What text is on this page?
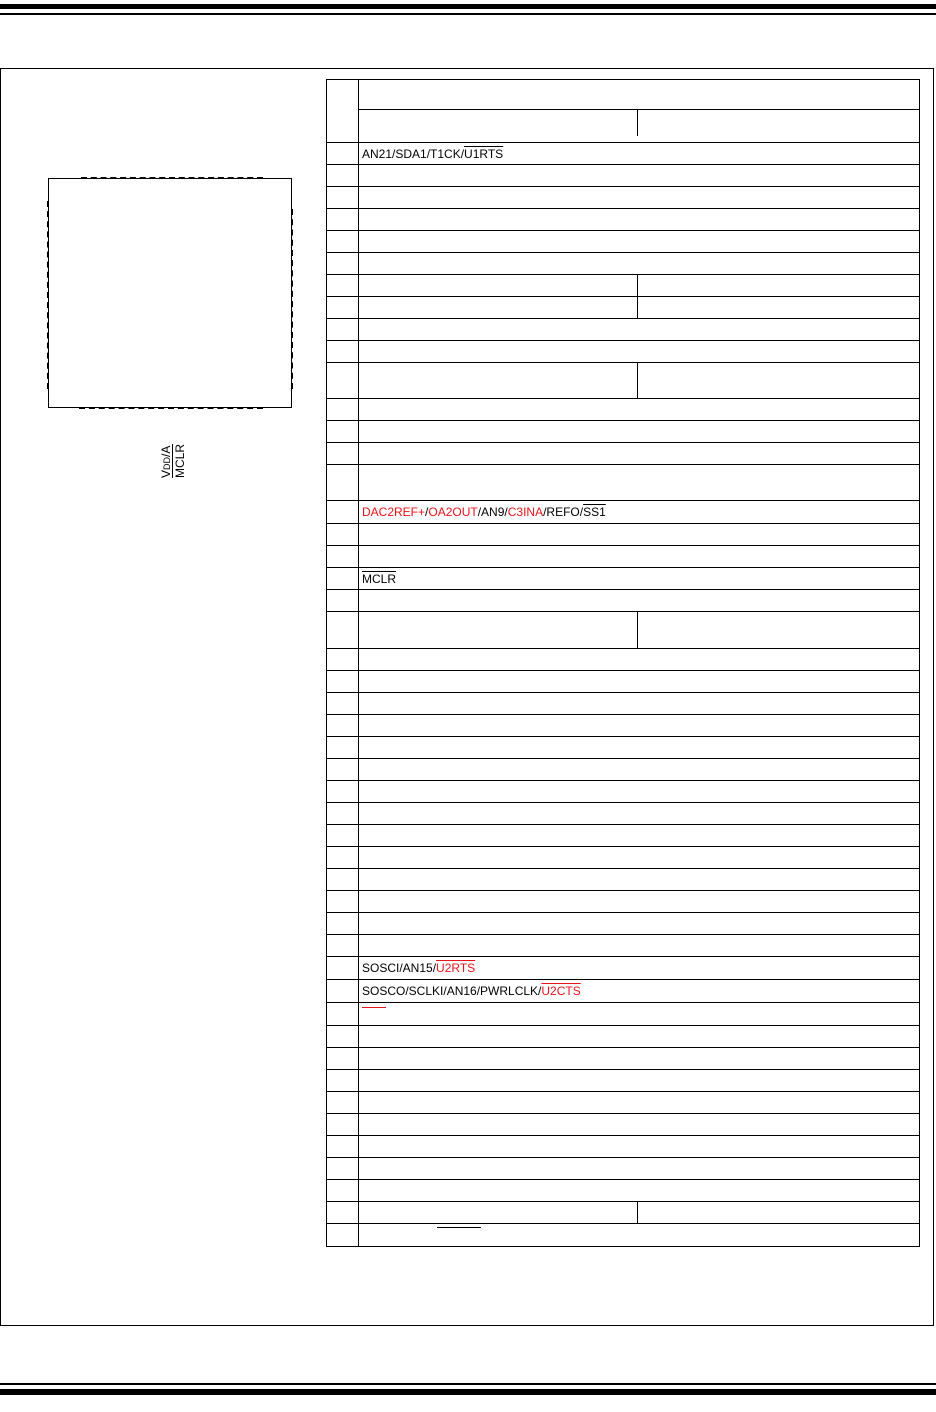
VDD/A MCLR
AN21/SDA1/T1CK/ U1RTS
DAC2REF+ / OA2OUT /AN9/ C3INA /REFO/ SS1
MCLR
SOSCI/AN15/ U2RTS
SOSCO/SCLKI/AN16/PWRLCLK/ U2CTS
